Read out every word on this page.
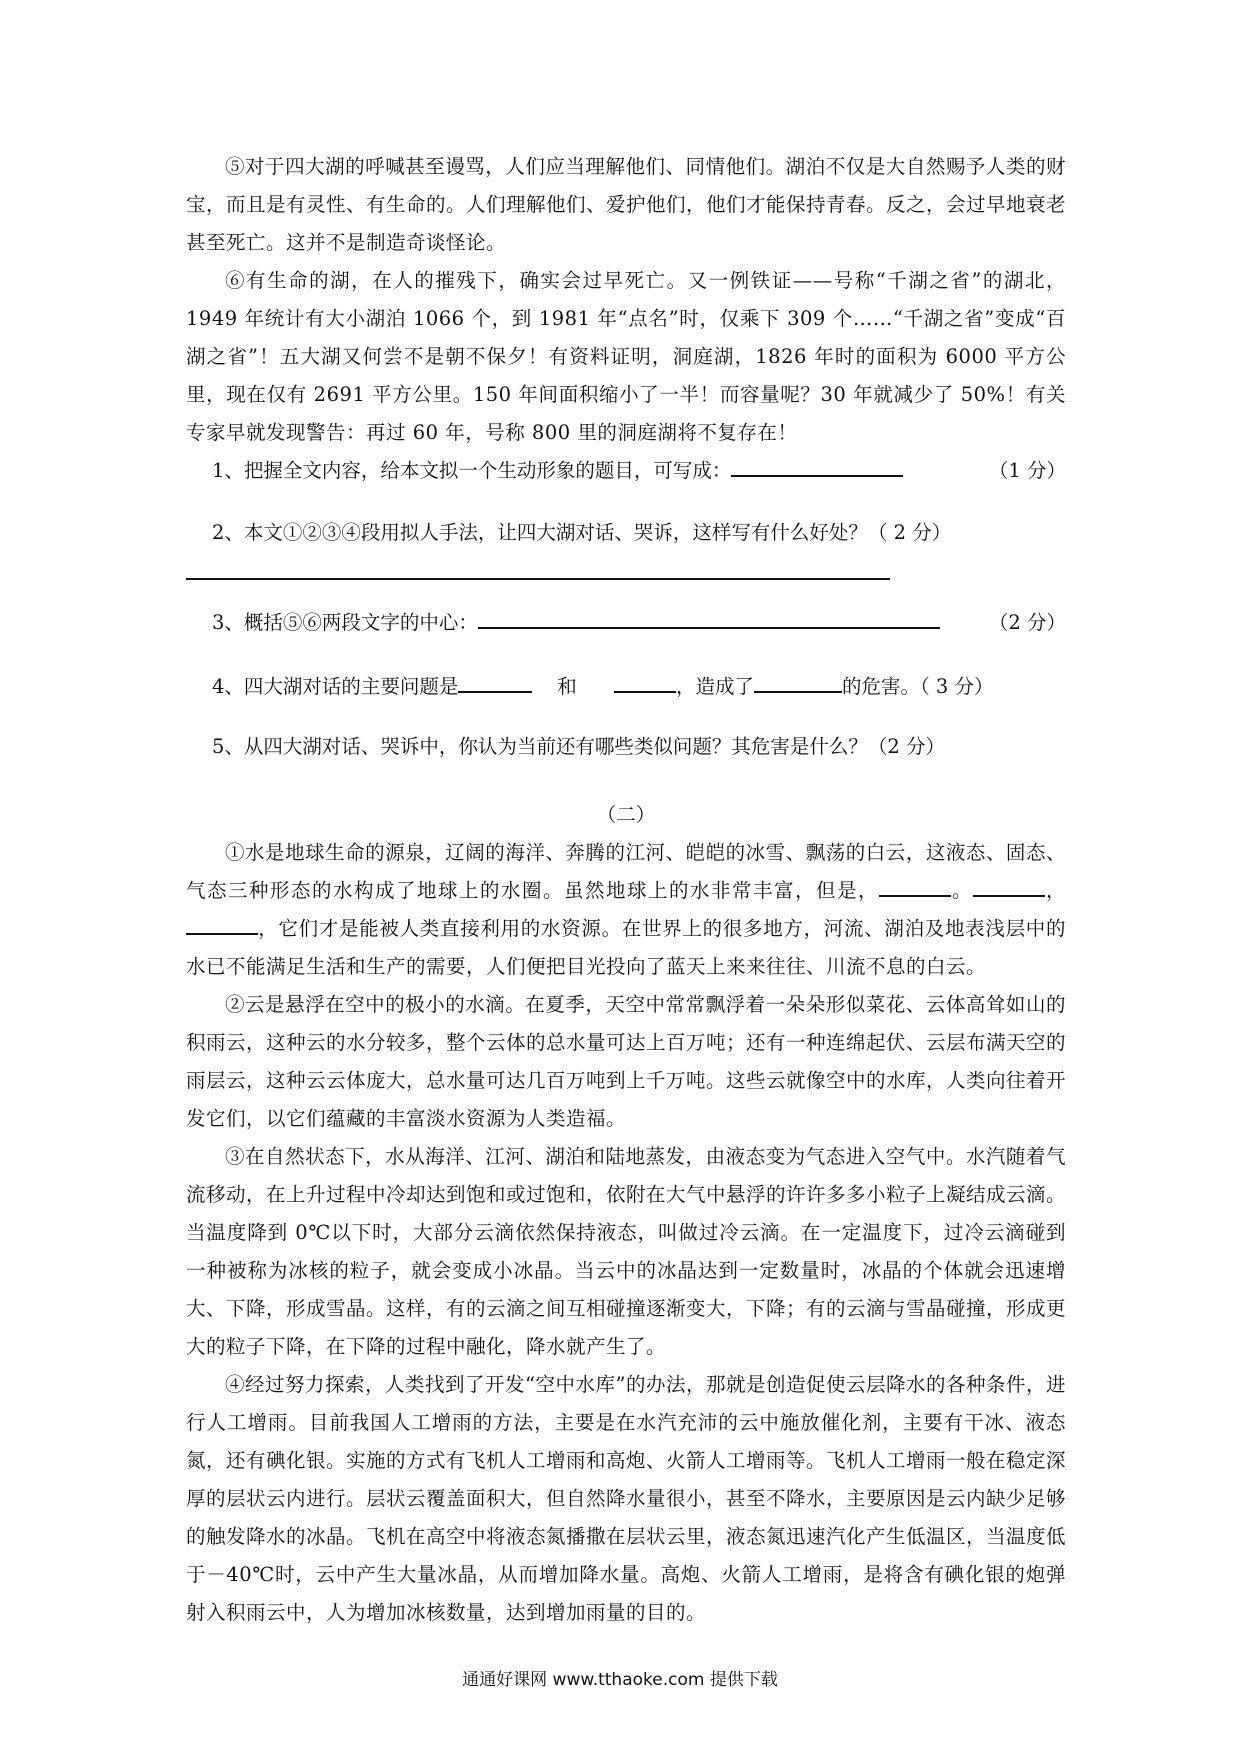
⑤对于四大湖的呼喊甚至谩骂，人们应当理解他们、同情他们。湖泊不仅是大自然赐予人类的财宝，而且是有灵性、有生命的。人们理解他们、爱护他们，他们才能保持青春。反之，会过早地衰老甚至死亡。这并不是制造奇谈怪论。

⑥有生命的湖，在人的摧残下，确实会过早死亡。又一例铁证——号称“千湖之省”的湖北，1949 年统计有大小湖泊 1066 个，到 1981 年“点名”时，仅乘下 309 个……“千湖之省”变成“百湖之省”！五大湖又何尝不是朝不保夕！有资料证明，洞庭湖，1826 年时的面积为 6000 平方公里，现在仅有 2691 平方公里。150 年间面积缩小了一半！而容量呢？30 年就减少了 50%！有关专家早就发现警告：再过 60 年，号称 800 里的洞庭湖将不复存在！

1、把握全文内容，给本文拟一个生动形象的题目，可写成：	（1 分）

2、本文①②③④段用拟人手法，让四大湖对话、哭诉，这样写有什么好处？（ 2 分）

3、概括⑤⑥两段文字的中心：	（2 分）

4、四大湖对话的主要问题是	和	，造成了	的危害。（ 3 分）

5、从四大湖对话、哭诉中，你认为当前还有哪些类似问题？其危害是什么？（2 分）

（二）

①水是地球生命的源泉，辽阔的海洋、奔腾的江河、皑皑的冰雪、飘荡的白云，这液态、固态、气态三种形态的水构成了地球上的水圈。虽然地球上的水非常丰富，但是，	。	，，它们才是能被人类直接利用的水资源。在世界上的很多地方，河流、湖泊及地表浅层中的水已不能满足生活和生产的需要，人们便把目光投向了蓝天上来来往往、川流不息的白云。

②云是悬浮在空中的极小的水滴。在夏季，天空中常常飘浮着一朵朵形似菜花、云体高耸如山的积雨云，这种云的水分较多，整个云体的总水量可达上百万吨；还有一种连绵起伏、云层布满天空的雨层云，这种云云体庞大，总水量可达几百万吨到上千万吨。这些云就像空中的水库，人类向往着开发它们，以它们蕴藏的丰富淡水资源为人类造福。

③在自然状态下，水从海洋、江河、湖泊和陆地蒸发，由液态变为气态进入空气中。水汽随着气流移动，在上升过程中冷却达到饱和或过饱和，依附在大气中悬浮的许许多多小粒子上凝结成云滴。当温度降到 0℃以下时，大部分云滴依然保持液态，叫做过冷云滴。在一定温度下，过冷云滴碰到一种被称为冰核的粒子，就会变成小冰晶。当云中的冰晶达到一定数量时，冰晶的个体就会迅速增大、下降，形成雪晶。这样，有的云滴之间互相碰撞逐渐变大，下降；有的云滴与雪晶碰撞，形成更大的粒子下降，在下降的过程中融化，降水就产生了。

④经过努力探索，人类找到了开发“空中水库”的办法，那就是创造促使云层降水的各种条件，进行人工增雨。目前我国人工增雨的方法，主要是在水汽充沛的云中施放催化剂，主要有干冰、液态氮，还有碘化银。实施的方式有飞机人工增雨和高炮、火箭人工增雨等。飞机人工增雨一般在稳定深厚的层状云内进行。层状云覆盖面积大，但自然降水量很小，甚至不降水，主要原因是云内缺少足够的触发降水的冰晶。飞机在高空中将液态氮播撒在层状云里，液态氮迅速汽化产生低温区，当温度低于－40℃时，云中产生大量冰晶，从而增加降水量。高炮、火箭人工增雨，是将含有碘化银的炮弹射入积雨云中，人为增加冰核数量，达到增加雨量的目的。

通通好课网 www.tthaoke.com 提供下载
